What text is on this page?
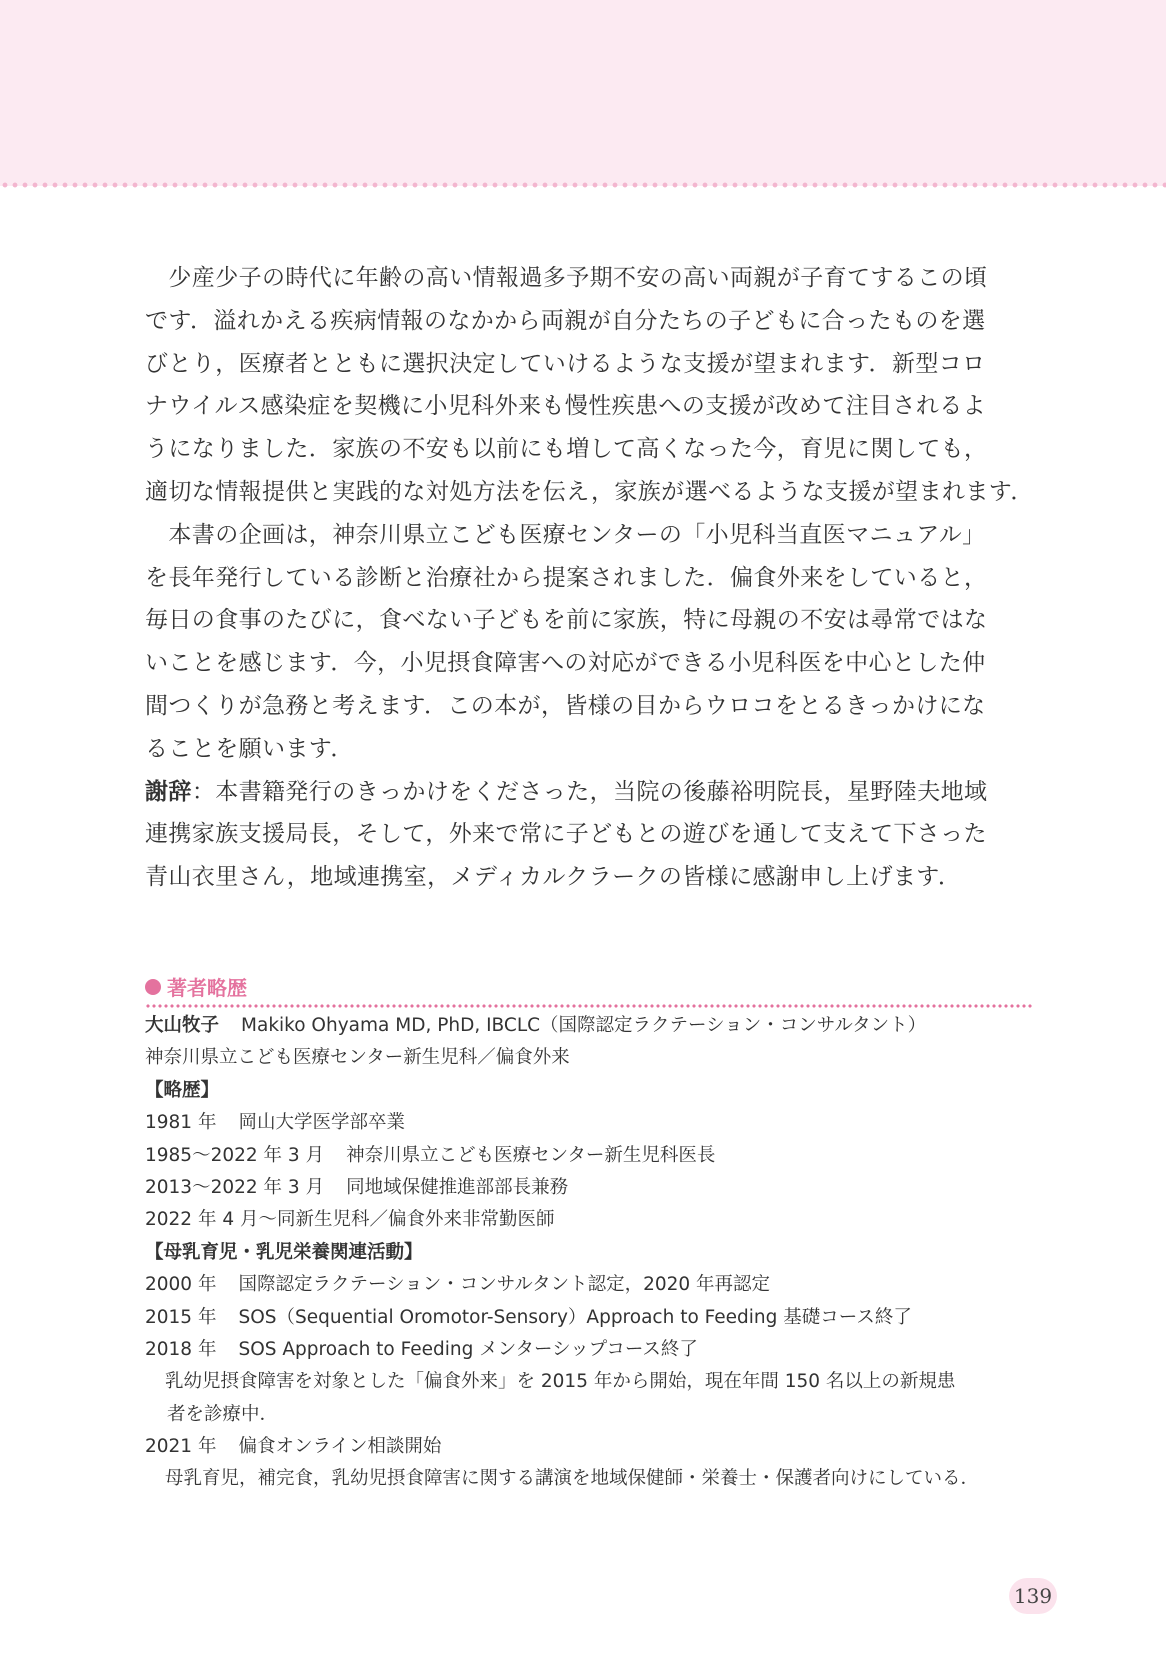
　少産少子の時代に年齢の高い情報過多予期不安の高い両親が子育てするこの頃
です．溢れかえる疾病情報のなかから両親が自分たちの子どもに合ったものを選
びとり，医療者とともに選択決定していけるような支援が望まれます．新型コロ
ナウイルス感染症を契機に小児科外来も慢性疾患への支援が改めて注目されるよ
うになりました．家族の不安も以前にも増して高くなった今，育児に関しても，
適切な情報提供と実践的な対処方法を伝え，家族が選べるような支援が望まれます．
　本書の企画は，神奈川県立こども医療センターの「小児科当直医マニュアル」
を長年発行している診断と治療社から提案されました．偏食外来をしていると，
毎日の食事のたびに，食べない子どもを前に家族，特に母親の不安は尋常ではな
いことを感じます．今，小児摂食障害への対応ができる小児科医を中心とした仲
間つくりが急務と考えます．この本が，皆様の目からウロコをとるきっかけにな
ることを願います．
謝辞：本書籍発行のきっかけをくださった，当院の後藤裕明院長，星野陸夫地域
連携家族支援局長，そして，外来で常に子どもとの遊びを通して支えて下さった
青山衣里さん，地域連携室，メディカルクラークの皆様に感謝申し上げます．
著者略歴
大山牧子 Makiko Ohyama MD, PhD, IBCLC（国際認定ラクテーション・コンサルタント）
神奈川県立こども医療センター新生児科／偏食外来
【略歴】
1981 年 岡山大学医学部卒業
1985～2022 年 3 月 神奈川県立こども医療センター新生児科医長
2013～2022 年 3 月 同地域保健推進部部長兼務
2022 年 4 月～同新生児科／偏食外来非常勤医師
【母乳育児・乳児栄養関連活動】
2000 年 国際認定ラクテーション・コンサルタント認定，2020 年再認定
2015 年 SOS（Sequential Oromotor-Sensory）Approach to Feeding 基礎コース終了
2018 年 SOS Approach to Feeding メンターシップコース終了
乳幼児摂食障害を対象とした「偏食外来」を 2015 年から開始，現在年間 150 名以上の新規患
者を診療中．
2021 年 偏食オンライン相談開始
母乳育児，補完食，乳幼児摂食障害に関する講演を地域保健師・栄養士・保護者向けにしている．
139
